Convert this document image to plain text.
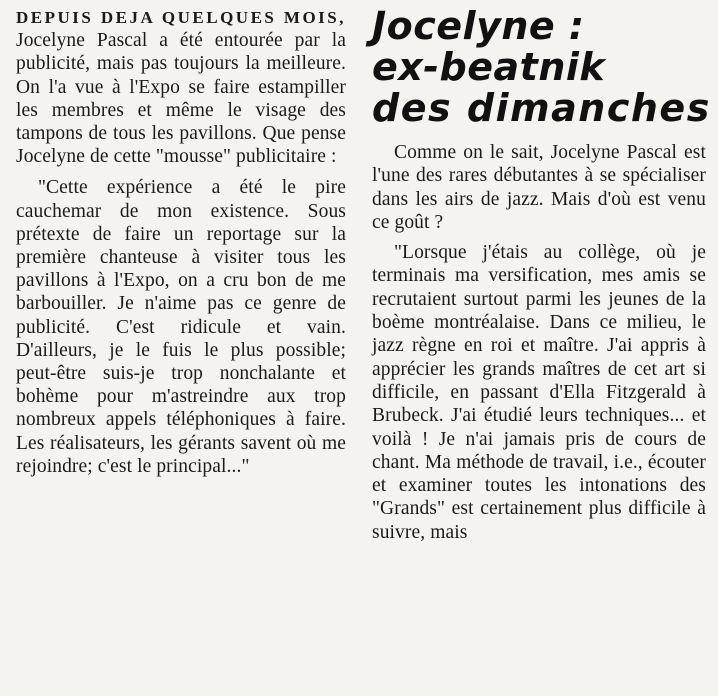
DEPUIS DEJA QUELQUES MOIS, Jocelyne Pascal a été entourée par la publicité, mais pas toujours la meilleure. On l'a vue à l'Expo se faire estampiller les membres et même le visage des tampons de tous les pavillons. Que pense Jocelyne de cette "mousse" publicitaire :

"Cette expérience a été le pire cauchemar de mon existence. Sous prétexte de faire un reportage sur la première chanteuse à visiter tous les pavillons à l'Expo, on a cru bon de me barbouiller. Je n'aime pas ce genre de publicité. C'est ridicule et vain. D'ailleurs, je le fuis le plus possible; peut-être suis-je trop nonchalante et bohème pour m'astreindre aux trop nombreux appels téléphoniques à faire. Les réalisateurs, les gérants savent où me rejoindre; c'est le principal..."

Jocelyne :
ex-beatnik
des dimanches

Comme on le sait, Jocelyne Pascal est l'une des rares débutantes à se spécialiser dans les airs de jazz. Mais d'où est venu ce goût ?

"Lorsque j'étais au collège, où je terminais ma versification, mes amis se recrutaient surtout parmi les jeunes de la boème montréalaise. Dans ce milieu, le jazz règne en roi et maître. J'ai appris à apprécier les grands maîtres de cet art si difficile, en passant d'Ella Fitzgerald à Brubeck. J'ai étudié leurs techniques... et voilà ! Je n'ai jamais pris de cours de chant. Ma méthode de travail, i.e., écouter et examiner toutes les intonations des "Grands" est certainement plus difficile à suivre, mais
